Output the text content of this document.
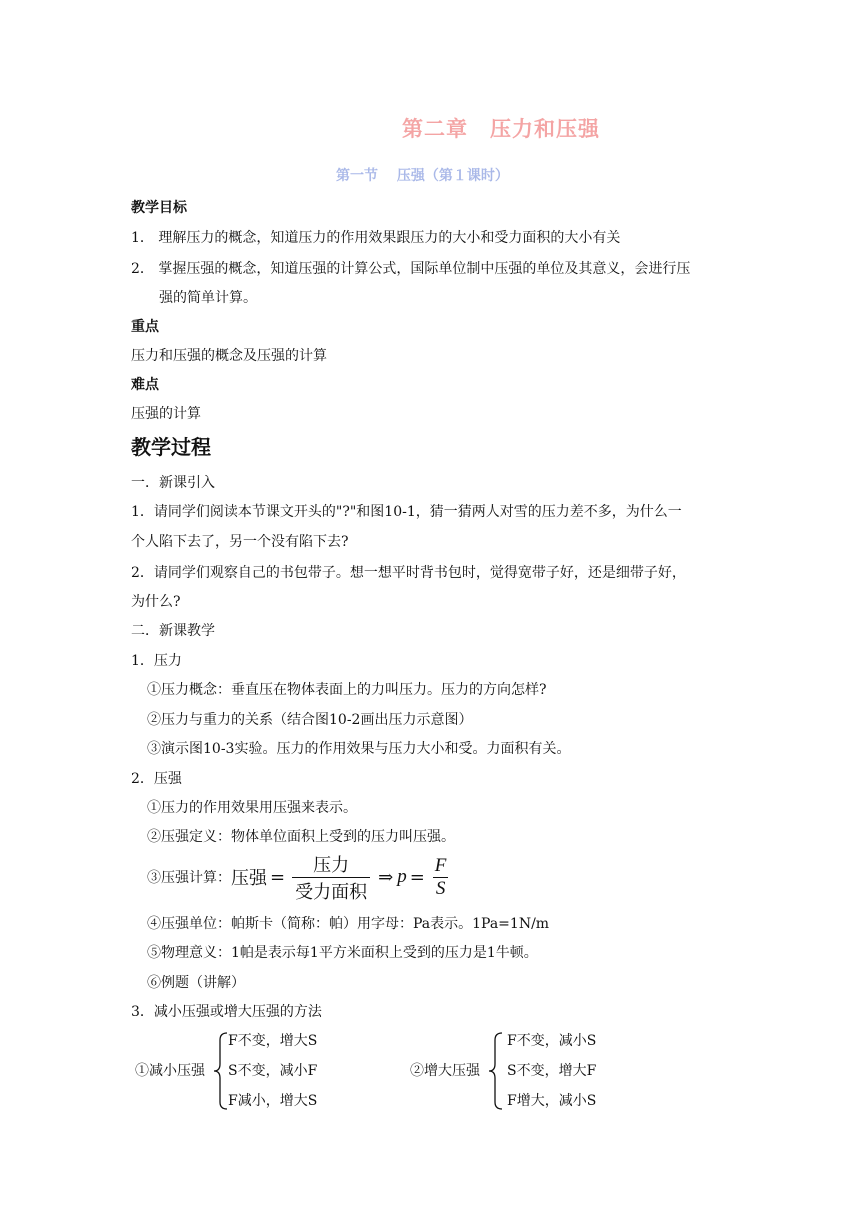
第二章　压力和压强
第一节　 压强（第１课时）
教学目标
1． 理解压力的概念，知道压力的作用效果跟压力的大小和受力面积的大小有关
2． 掌握压强的概念，知道压强的计算公式，国际单位制中压强的单位及其意义，会进行压
强的简单计算。
重点
压力和压强的概念及压强的计算
难点
压强的计算
教学过程
一．新课引入
1．请同学们阅读本节课文开头的"?"和图10-1，猜一猜两人对雪的压力差不多，为什么一
个人陷下去了，另一个没有陷下去?
2．请同学们观察自己的书包带子。想一想平时背书包时，觉得宽带子好，还是细带子好，
为什么?
二．新课教学
1．压力
①压力概念：垂直压在物体表面上的力叫压力。压力的方向怎样?
②压力与重力的关系（结合图10-2画出压力示意图）
③演示图10-3实验。压力的作用效果与压力大小和受。力面积有关。
2．压强
①压力的作用效果用压强来表示。
②压强定义：物体单位面积上受到的压力叫压强。
③压强计算： 压强 = $\frac{\text{压力}}{\text{受力面积}}$ ⇒ $p = \frac{F}{S}$
④压强单位：帕斯卡（简称：帕）用字母：Pa表示。1Pa=1N/m
⑤物理意义：1帕是表示每1平方米面积上受到的压力是1牛顿。
⑥例题（讲解）
3．减小压强或增大压强的方法
①减小压强
F不变，增大S
S不变，减小F
F减小，增大S
②增大压强
F不变，减小S
S不变，增大F
F增大，减小S
